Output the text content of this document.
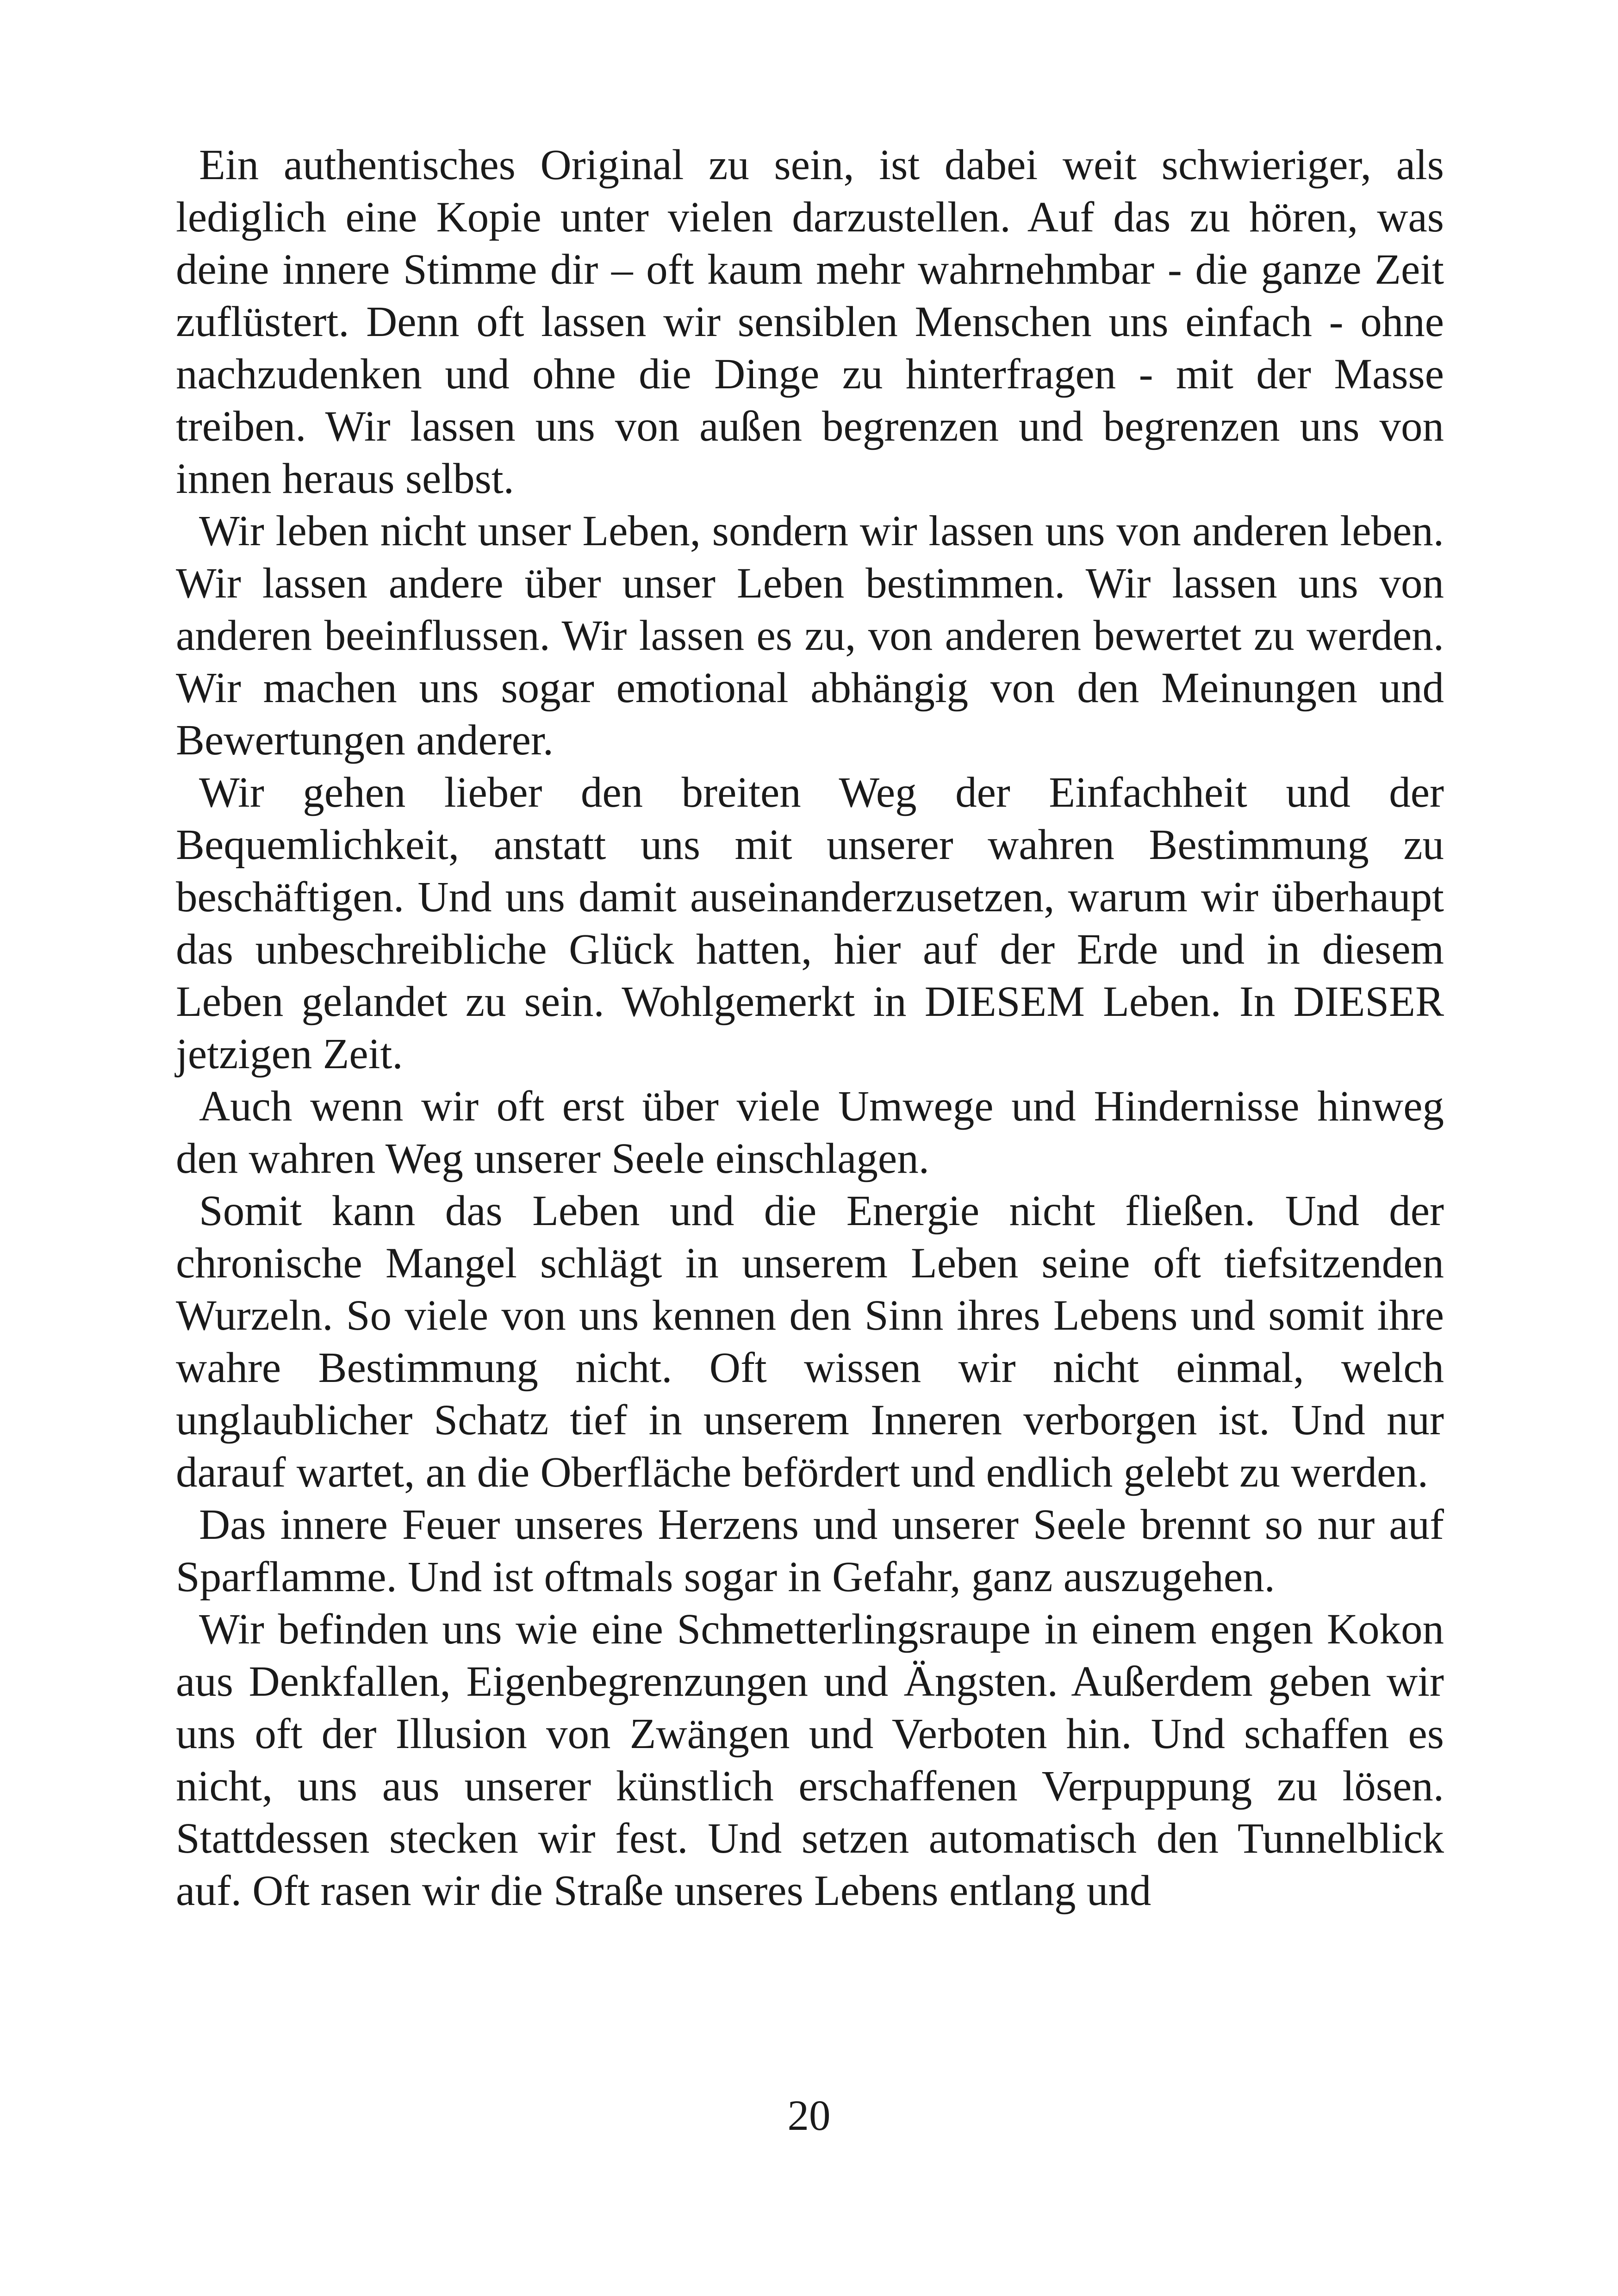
Ein authentisches Original zu sein, ist dabei weit schwieriger, als lediglich eine Kopie unter vielen darzustellen. Auf das zu hören, was deine innere Stimme dir – oft kaum mehr wahrnehmbar - die ganze Zeit zuflüstert. Denn oft lassen wir sensiblen Menschen uns einfach - ohne nachzudenken und ohne die Dinge zu hinterfragen - mit der Masse treiben. Wir lassen uns von außen begrenzen und begrenzen uns von innen heraus selbst.

Wir leben nicht unser Leben, sondern wir lassen uns von anderen leben. Wir lassen andere über unser Leben bestimmen. Wir lassen uns von anderen beeinflussen. Wir lassen es zu, von anderen bewertet zu werden. Wir machen uns sogar emotional abhängig von den Meinungen und Bewertungen anderer.

Wir gehen lieber den breiten Weg der Einfachheit und der Bequemlichkeit, anstatt uns mit unserer wahren Bestimmung zu beschäftigen. Und uns damit auseinanderzusetzen, warum wir überhaupt das unbeschreibliche Glück hatten, hier auf der Erde und in diesem Leben gelandet zu sein. Wohlgemerkt in DIESEM Leben. In DIESER jetzigen Zeit.

Auch wenn wir oft erst über viele Umwege und Hindernisse hinweg den wahren Weg unserer Seele einschlagen.

Somit kann das Leben und die Energie nicht fließen. Und der chronische Mangel schlägt in unserem Leben seine oft tiefsitzenden Wurzeln. So viele von uns kennen den Sinn ihres Lebens und somit ihre wahre Bestimmung nicht. Oft wissen wir nicht einmal, welch unglaublicher Schatz tief in unserem Inneren verborgen ist. Und nur darauf wartet, an die Oberfläche befördert und endlich gelebt zu werden.

Das innere Feuer unseres Herzens und unserer Seele brennt so nur auf Sparflamme. Und ist oftmals sogar in Gefahr, ganz auszugehen.

Wir befinden uns wie eine Schmetterlingsraupe in einem engen Kokon aus Denkfallen, Eigenbegrenzungen und Ängsten. Außerdem geben wir uns oft der Illusion von Zwängen und Verboten hin. Und schaffen es nicht, uns aus unserer künstlich erschaffenen Verpuppung zu lösen. Stattdessen stecken wir fest. Und setzen automatisch den Tunnelblick auf. Oft rasen wir die Straße unseres Lebens entlang und

20
